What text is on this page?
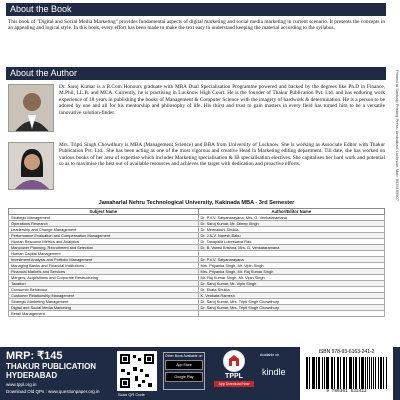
About the Book

This book of "Digital and Social Media Marketing" provides fundamental aspects of digital marketing and social media marketing in current scenario. It presents the concepts in an appealing and logical style. In this book, every effort has been made to make the text easy to understand keeping the material according to the syllabus.

About the Author

Dr. Saroj Kumar is a B.Com Honours graduate with MBA Dual Specialisation Programme powered and backed by the degrees like Ph.D in Finance, M.Phil, LL.B. and MCA. Currently, he is practising in Lucknow High Court. He is the founder of Thakur Publication Pvt. Ltd. and has enduring work experience of 18 years in publishing the books of Management & Computer Science with the imagery of hardwork & determination. He is a person to be adored by one and all for his mentorship and philosophy of life. His thirst and trust to gain masters in every field has turned him to be a versatile innovative solution-finder.

Mrs. Tripti Singh Chowdhury is MBA (Management Science) and BBA from University of Lucknow. She is working as Associate Editor with Thakur Publication Pvt. Ltd.. She has been acting as one of the most vigorous and creative Head in Marketing editing department. Till date, she has worked on various books of her area of expertise which includes Marketing specialisation & IB specialisation electives. She capitalises her hard work and potential so as to maximise the best out of available resources and achieves the target with dedication and proactive efforts.

Jawaharlal Nehru Technological University, Kakinada MBA - 3rd Semester
Subject Name	Author/Editor Name
Strategic Management	Dr. P.V.V. Satyanarayana, Mrs. G. Venkataramana
Operations Research	Dr. Saroj Kumar, Mr. Dileep Singh
Leadership and Change Management	Dr. Meenakshi Shukla
Performance Evaluation and Compensation Management	Dr. J.N.V. Naresh Babu
Human Resource Metrics and Analytics	Dr. Tanapalla Lokeswara Rao
Manpower Planning, Recruitment and Selection	Dr. B. Vamsi Krishna, Mrs. G. Venkataramana
Human Capital Management	
Investment Analysis and Portfolio Management	Dr. P.V.V. Satyanarayana
Managing Banks and Financial Institutions	Mrs. Priyanka Singh, Mr. Vipin Singh
Financial Markets and Services	Mrs. Priyanka Singh, Mr. Raj Kumar Singh
Mergers, Acquisitions and Corporate Restructuring	Mr. Raj Kumar Singh, Mr. Vipin Singh
Taxation	Dr. Saroj Kumar, Mr. Vipin Singh
Consumer Behaviour	Dr. Ekata Shukla
Customer Relationship Management	K. Venkata Ramesh
Strategic Marketing Management	Dr. Saroj Kumar, Mrs. Tripti Singh Chowdhury
Digital and Social Media Marketing	Dr. Saroj Kumar, Mrs. Tripti Singh Chowdhury
Retail Management	
Printed at Sankalp Printing Press, Aminabad, Lucknow. Mob: 9935169507
MRP: ₹145
THAKUR PUBLICATION
HYDERABAD
www.tppl.org.in
Download Old QPs : www.questionpaper.org.in
Scan QR Code
Other Book Available on
App Store
Google Play	TPPL
App Download Now
Available on
kindle
ISBN 978-93-6163-241-2
9 789361 632412
